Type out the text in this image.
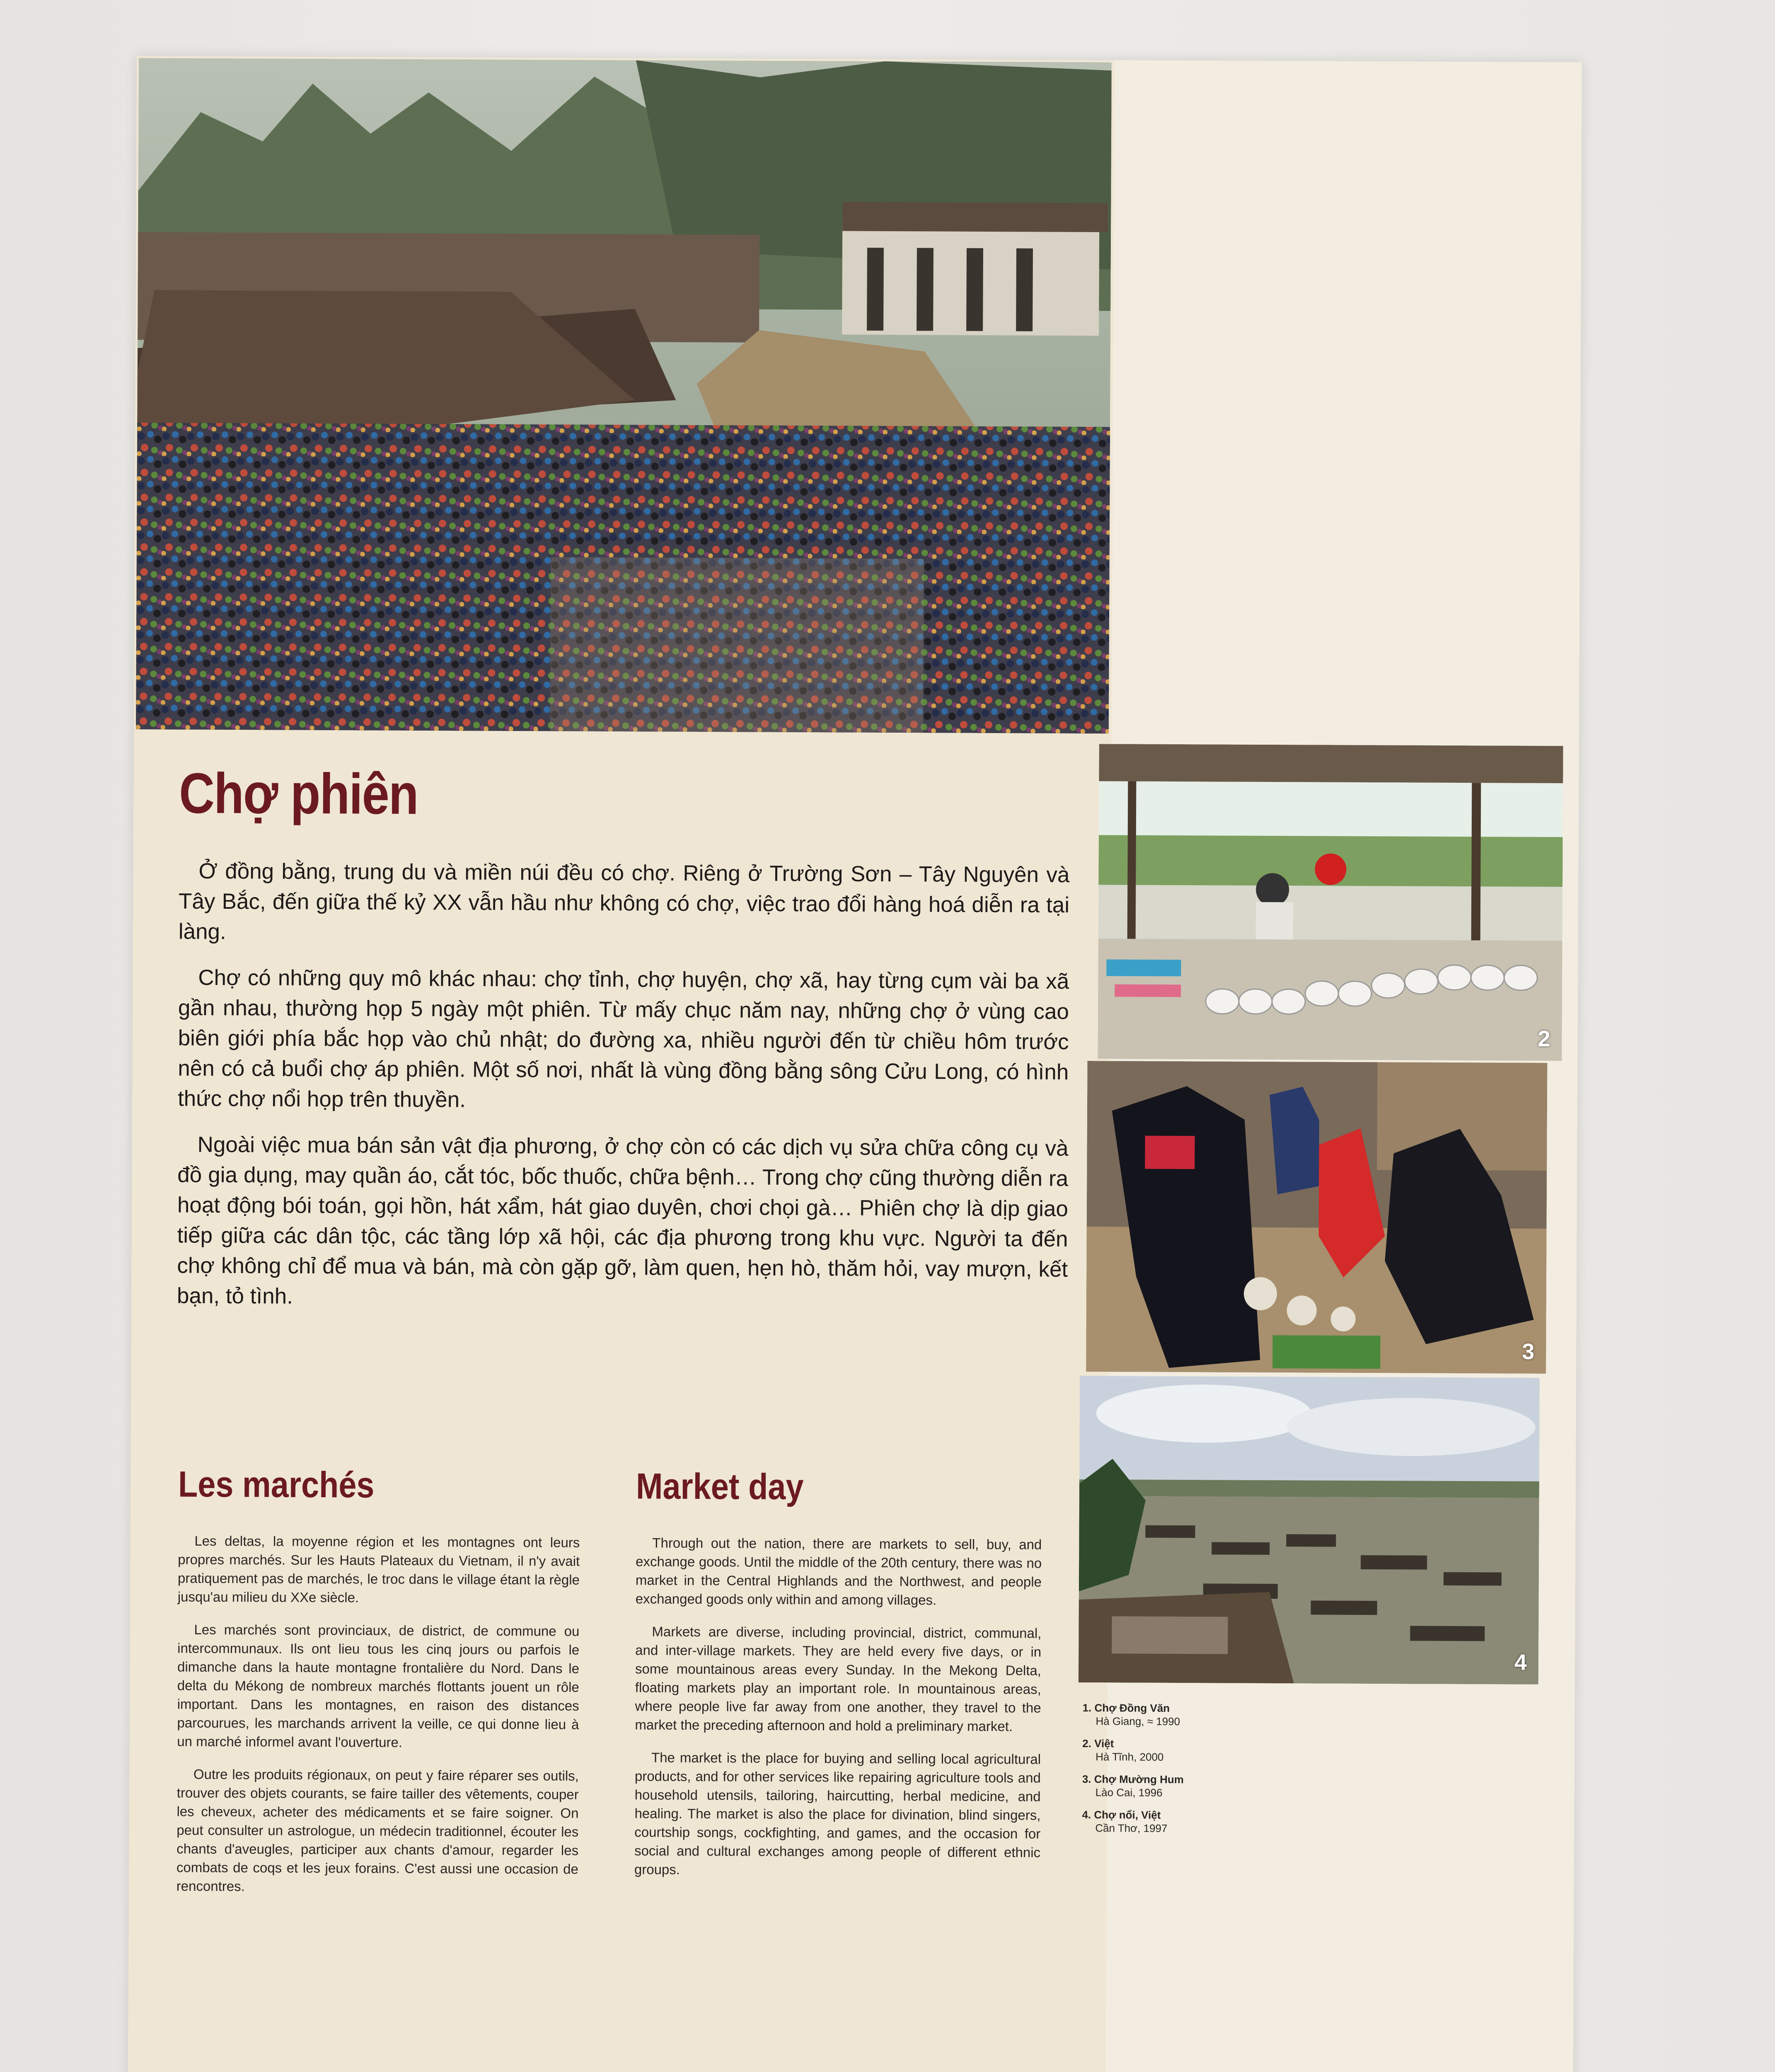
2
3
4
Chợ phiên

Ở đồng bằng, trung du và miền núi đều có chợ. Riêng ở Trường Sơn – Tây Nguyên và Tây Bắc, đến giữa thế kỷ XX vẫn hầu như không có chợ, việc trao đổi hàng hoá diễn ra tại làng.

Chợ có những quy mô khác nhau: chợ tỉnh, chợ huyện, chợ xã, hay từng cụm vài ba xã gần nhau, thường họp 5 ngày một phiên. Từ mấy chục năm nay, những chợ ở vùng cao biên giới phía bắc họp vào chủ nhật; do đường xa, nhiều người đến từ chiều hôm trước nên có cả buổi chợ áp phiên. Một số nơi, nhất là vùng đồng bằng sông Cửu Long, có hình thức chợ nổi họp trên thuyền.

Ngoài việc mua bán sản vật địa phương, ở chợ còn có các dịch vụ sửa chữa công cụ và đồ gia dụng, may quần áo, cắt tóc, bốc thuốc, chữa bệnh… Trong chợ cũng thường diễn ra hoạt động bói toán, gọi hồn, hát xẩm, hát giao duyên, chơi chọi gà… Phiên chợ là dịp giao tiếp giữa các dân tộc, các tầng lớp xã hội, các địa phương trong khu vực. Người ta đến chợ không chỉ để mua và bán, mà còn gặp gỡ, làm quen, hẹn hò, thăm hỏi, vay mượn, kết bạn, tỏ tình.

Les marchés

Les deltas, la moyenne région et les montagnes ont leurs propres marchés. Sur les Hauts Plateaux du Vietnam, il n'y avait pratiquement pas de marchés, le troc dans le village étant la règle jusqu'au milieu du XXe siècle.

Les marchés sont provinciaux, de district, de commune ou intercommunaux. Ils ont lieu tous les cinq jours ou parfois le dimanche dans la haute montagne frontalière du Nord. Dans le delta du Mékong de nombreux marchés flottants jouent un rôle important. Dans les montagnes, en raison des distances parcourues, les marchands arrivent la veille, ce qui donne lieu à un marché informel avant l'ouverture.

Outre les produits régionaux, on peut y faire réparer ses outils, trouver des objets courants, se faire tailler des vêtements, couper les cheveux, acheter des médicaments et se faire soigner. On peut consulter un astrologue, un médecin traditionnel, écouter les chants d'aveugles, participer aux chants d'amour, regarder les combats de coqs et les jeux forains. C'est aussi une occasion de rencontres.

Market day

Through out the nation, there are markets to sell, buy, and exchange goods. Until the middle of the 20th century, there was no market in the Central Highlands and the Northwest, and people exchanged goods only within and among villages.

Markets are diverse, including provincial, district, communal, and inter-village markets. They are held every five days, or in some mountainous areas every Sunday. In the Mekong Delta, floating markets play an important role. In mountainous areas, where people live far away from one another, they travel to the market the preceding afternoon and hold a preliminary market.

The market is the place for buying and selling local agricultural products, and for other services like repairing agriculture tools and household utensils, tailoring, haircutting, herbal medicine, and healing. The market is also the place for divination, blind singers, courtship songs, cockfighting, and games, and the occasion for social and cultural exchanges among people of different ethnic groups.

1. Chợ Đồng Văn
Hà Giang, ≈ 1990
2. Việt
Hà Tĩnh, 2000
3. Chợ Mường Hum
Lào Cai, 1996
4. Chợ nổi, Việt
Cần Thơ, 1997
